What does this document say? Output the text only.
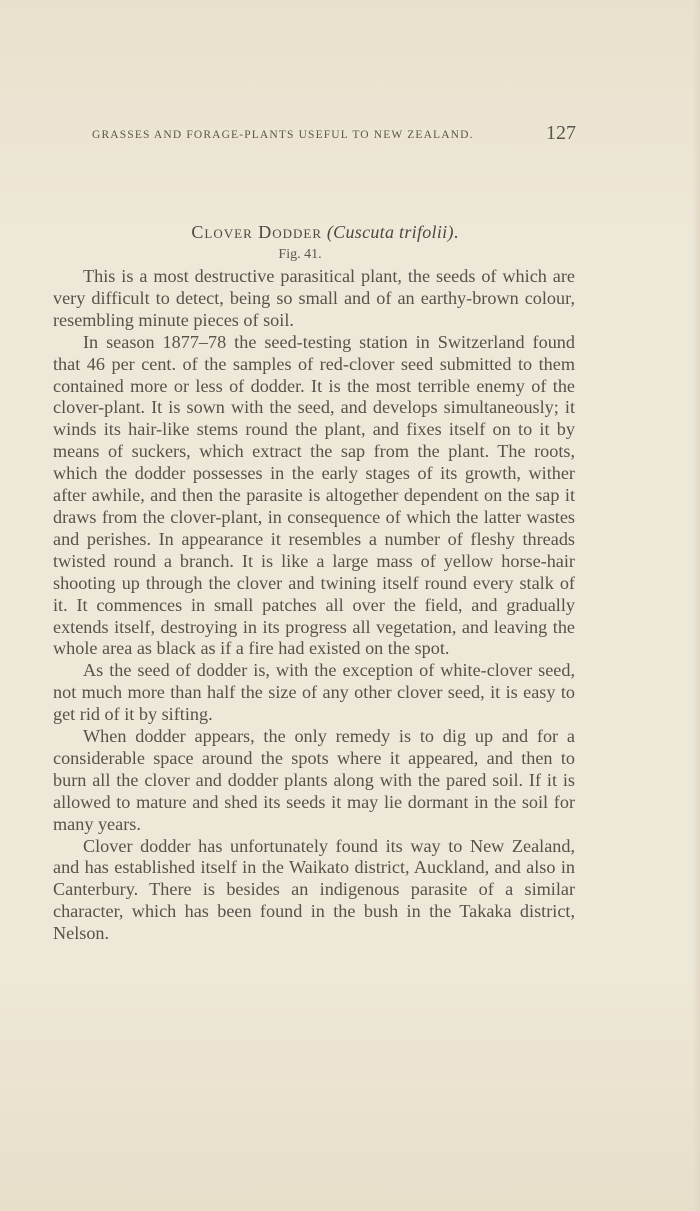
GRASSES AND FORAGE-PLANTS USEFUL TO NEW ZEALAND.	127
Clover Dodder (Cuscuta trifolii).
Fig. 41.

This is a most destructive parasitical plant, the seeds of which are very difficult to detect, being so small and of an earthy-brown colour, resembling minute pieces of soil.

In season 1877–78 the seed-testing station in Switzerland found that 46 per cent. of the samples of red-clover seed submitted to them contained more or less of dodder. It is the most terrible enemy of the clover-plant. It is sown with the seed, and develops simultaneously; it winds its hair-like stems round the plant, and fixes itself on to it by means of suckers, which extract the sap from the plant. The roots, which the dodder possesses in the early stages of its growth, wither after awhile, and then the parasite is altogether dependent on the sap it draws from the clover-plant, in consequence of which the latter wastes and perishes. In appearance it resembles a number of fleshy threads twisted round a branch. It is like a large mass of yellow horse-hair shooting up through the clover and twining itself round every stalk of it. It commences in small patches all over the field, and gradually extends itself, destroying in its progress all vegetation, and leaving the whole area as black as if a fire had existed on the spot.

As the seed of dodder is, with the exception of white-clover seed, not much more than half the size of any other clover seed, it is easy to get rid of it by sifting.

When dodder appears, the only remedy is to dig up and for a considerable space around the spots where it appeared, and then to burn all the clover and dodder plants along with the pared soil. If it is allowed to mature and shed its seeds it may lie dormant in the soil for many years.

Clover dodder has unfortunately found its way to New Zealand, and has established itself in the Waikato district, Auckland, and also in Canterbury. There is besides an indigenous parasite of a similar character, which has been found in the bush in the Takaka district, Nelson.
